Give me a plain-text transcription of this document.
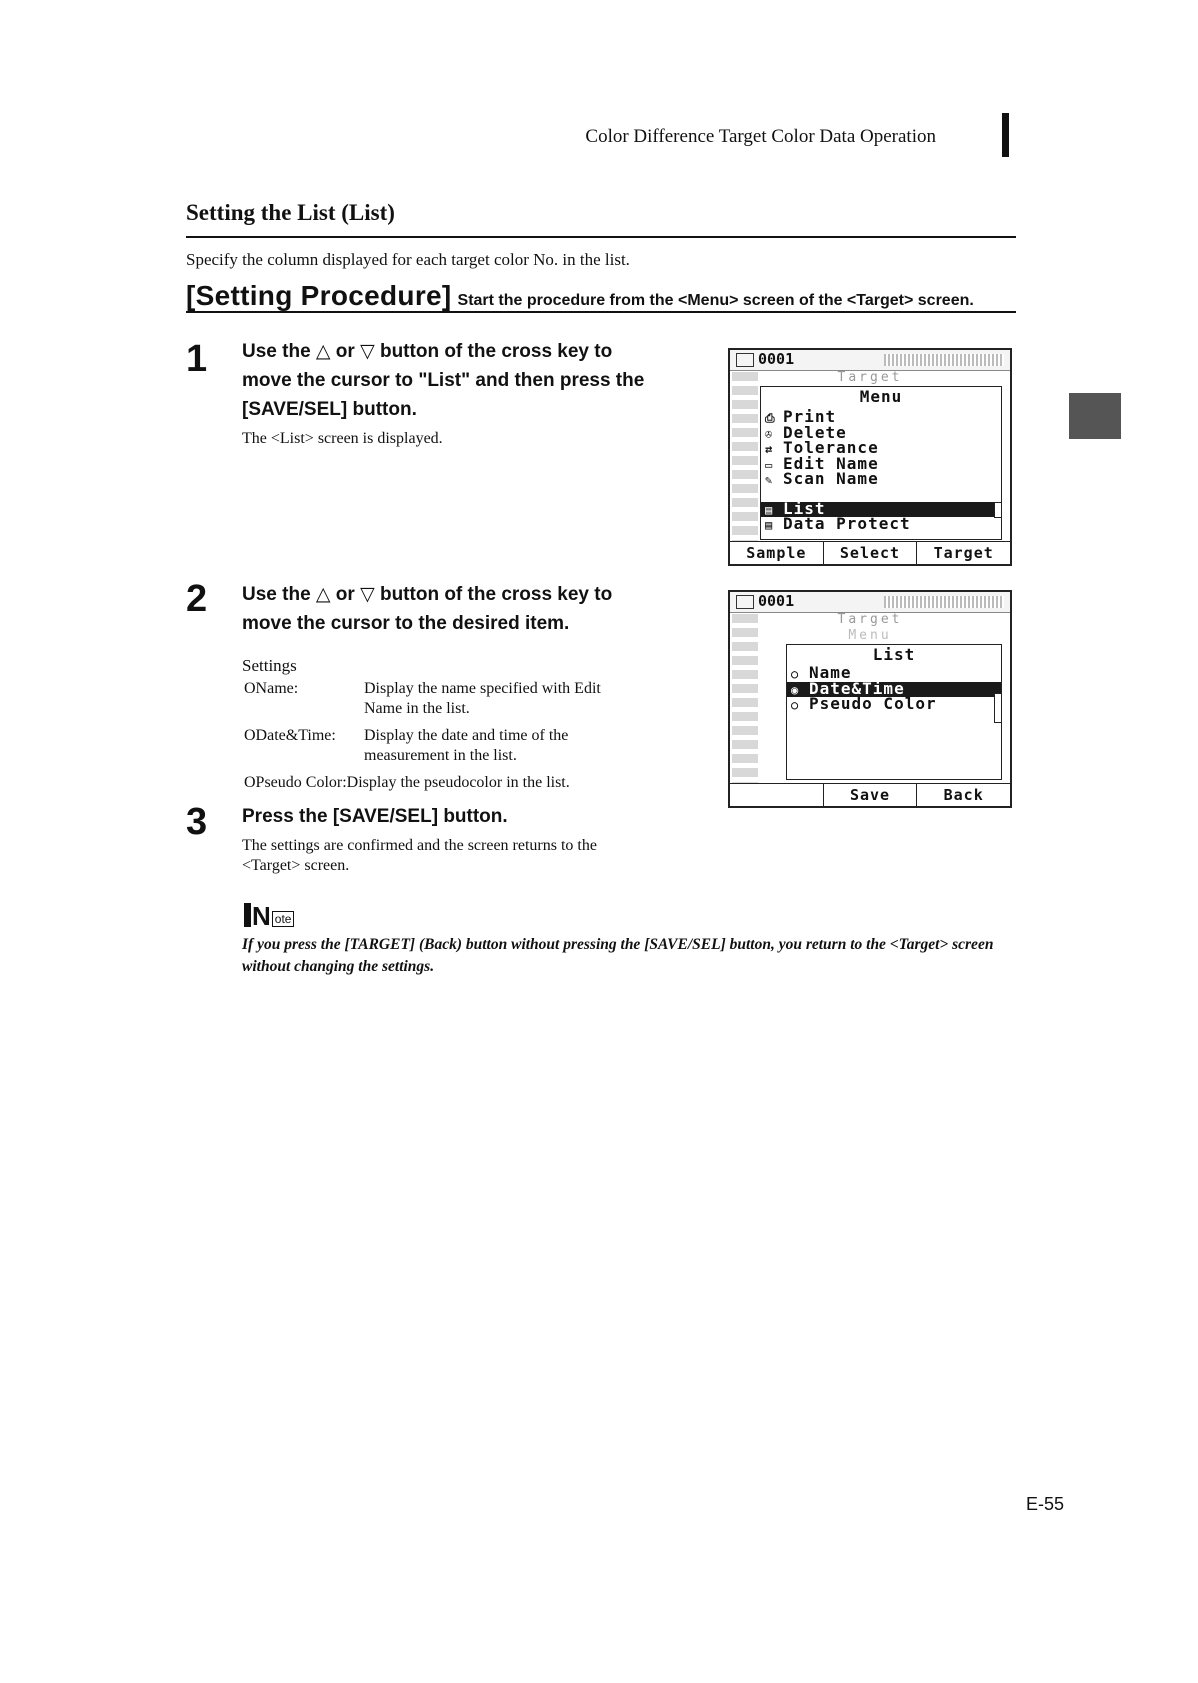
Color Difference Target Color Data Operation
Setting the List (List)
Specify the column displayed for each target color No. in the list.
[Setting Procedure] Start the procedure from the <Menu> screen of the <Target> screen.
1 Use the △ or ▽ button of the cross key to
move the cursor to "List" and then press the
[SAVE/SEL] button.
The <List> screen is displayed.
0001
Target
Menu
⎙ Print
✇ Delete
⇄ Tolerance
▭ Edit Name
✎ Scan Name
▤ List
▤ Data Protect
Sample	Select	Target
2 Use the △ or ▽ button of the cross key to
move the cursor to the desired item.
Settings
ΟName:	Display the name specified with Edit
Name in the list.
ΟDate&Time: Display the date and time of the
measurement in the list.
ΟPseudo Color:Display the pseudocolor in the list.
0001
Target
Menu
List
○ Name
◉ Date&Time
○ Pseudo Color
Save	Back
3 Press the [SAVE/SEL] button.
The settings are confirmed and the screen returns to the
<Target> screen.
N ote
If you press the [TARGET] (Back) button without pressing the [SAVE/SEL] button, you return to the <Target> screen without changing the settings.
E-55
